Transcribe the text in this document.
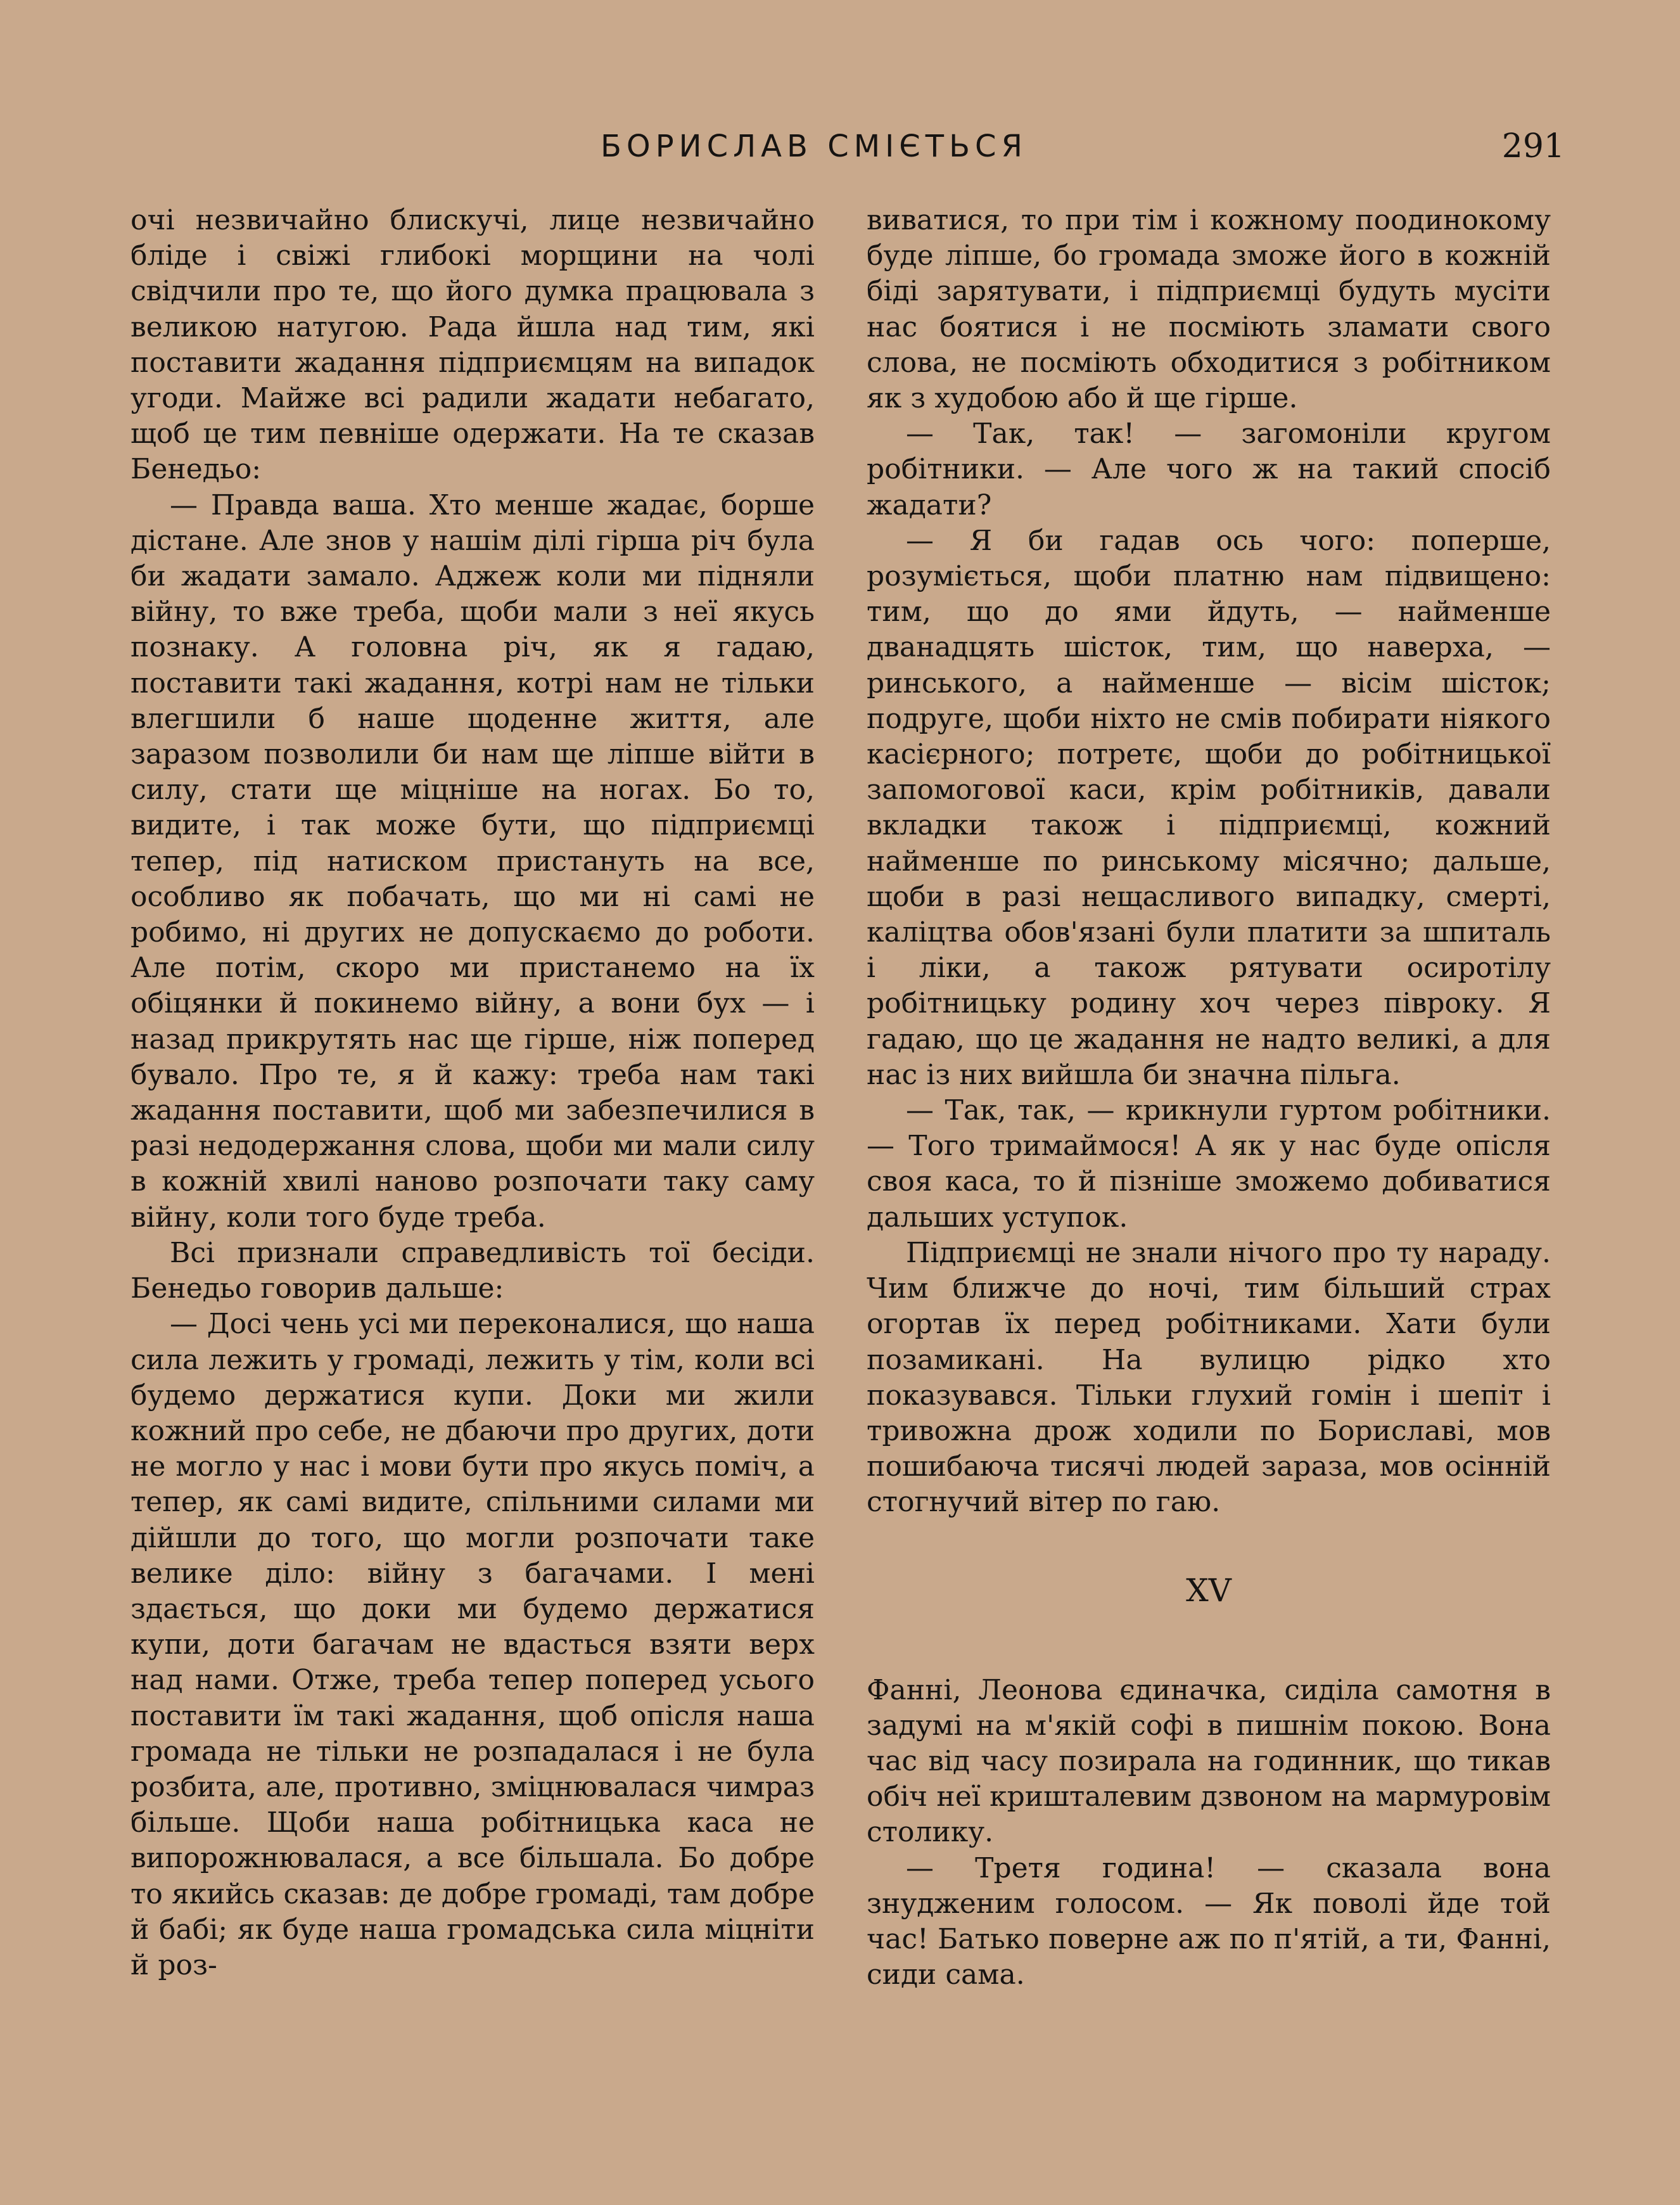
БОРИСЛАВ СМІЄТЬСЯ	291

очі незвичайно блискучі, лице незвичайно бліде і свіжі глибокі морщини на чолі свідчили про те, що його думка працювала з великою натугою. Рада йшла над тим, які поставити жадання підприємцям на випадок угоди. Майже всі радили жадати небагато, щоб це тим певніше одержати. На те сказав Бенедьо:

— Правда ваша. Хто менше жадає, борше дістане. Але знов у нашім ділі гірша річ була би жадати замало. Аджеж коли ми підняли війну, то вже треба, щоби мали з неї якусь познаку. А головна річ, як я гадаю, поставити такі жадання, котрі нам не тільки влегшили б наше щоденне життя, але заразом позволили би нам ще ліпше війти в силу, стати ще міцніше на ногах. Бо то, видите, і так може бути, що підприємці тепер, під натиском пристануть на все, особливо як побачать, що ми ні самі не робимо, ні других не допускаємо до роботи. Але потім, скоро ми пристанемо на їх обіцянки й покинемо війну, а вони бух — і назад прикрутять нас ще гірше, ніж поперед бувало. Про те, я й кажу: треба нам такі жадання поставити, щоб ми забезпечилися в разі недодержання слова, щоби ми мали силу в кожній хвилі наново розпочати таку саму війну, коли того буде треба.

Всі признали справедливість тої бесіди. Бенедьо говорив дальше:

— Досі чень усі ми переконалися, що наша сила лежить у громаді, лежить у тім, коли всі будемо держатися купи. Доки ми жили кожний про себе, не дбаючи про других, доти не могло у нас і мови бути про якусь поміч, а тепер, як самі видите, спільними силами ми дійшли до того, що могли розпочати таке велике діло: війну з багачами. І мені здається, що доки ми будемо держатися купи, доти багачам не вдасться взяти верх над нами. Отже, треба тепер поперед усього поставити їм такі жадання, щоб опісля наша громада не тільки не розпадалася і не була розбита, але, противно, зміцнювалася чимраз більше. Щоби наша робітницька каса не випорожнювалася, а все більшала. Бо добре то якийсь сказав: де добре громаді, там добре й бабі; як буде наша громадська сила міцніти й роз-

виватися, то при тім і кожному поодинокому буде ліпше, бо громада зможе його в кожній біді зарятувати, і підприємці будуть мусіти нас боятися і не посміють зламати свого слова, не посміють обходитися з робітником як з худобою або й ще гірше.

— Так, так! — загомоніли кругом робітники. — Але чого ж на такий спосіб жадати?

— Я би гадав ось чого: поперше, розуміється, щоби платню нам підвищено: тим, що до ями йдуть, — найменше дванадцять шісток, тим, що наверха, — ринського, а найменше — вісім шісток; подруге, щоби ніхто не смів побирати ніякого касієрного; потретє, щоби до робітницької запомогової каси, крім робітників, давали вкладки також і підприємці, кожний найменше по ринському місячно; дальше, щоби в разі нещасливого випадку, смерті, каліцтва обов'язані були платити за шпиталь і ліки, а також рятувати осиротілу робітницьку родину хоч через півроку. Я гадаю, що це жадання не надто великі, а для нас із них вийшла би значна пільга.

— Так, так, — крикнули гуртом робітники. — Того тримаймося! А як у нас буде опісля своя каса, то й пізніше зможемо добиватися дальших уступок.

Підприємці не знали нічого про ту нараду. Чим ближче до ночі, тим більший страх огортав їх перед робітниками. Хати були позамикані. На вулицю рідко хто показувався. Тільки глухий гомін і шепіт і тривожна дрож ходили по Бориславі, мов пошибаюча тисячі людей зараза, мов осінній стогнучий вітер по гаю.

XV

Фанні, Леонова єдиначка, сиділа самотня в задумі на м'якій софі в пишнім покою. Вона час від часу позирала на годинник, що тикав обіч неї кришталевим дзвоном на мармуровім столику.

— Третя година! — сказала вона знудженим голосом. — Як поволі йде той час! Батько поверне аж по п'ятій, а ти, Фанні, сиди сама.
